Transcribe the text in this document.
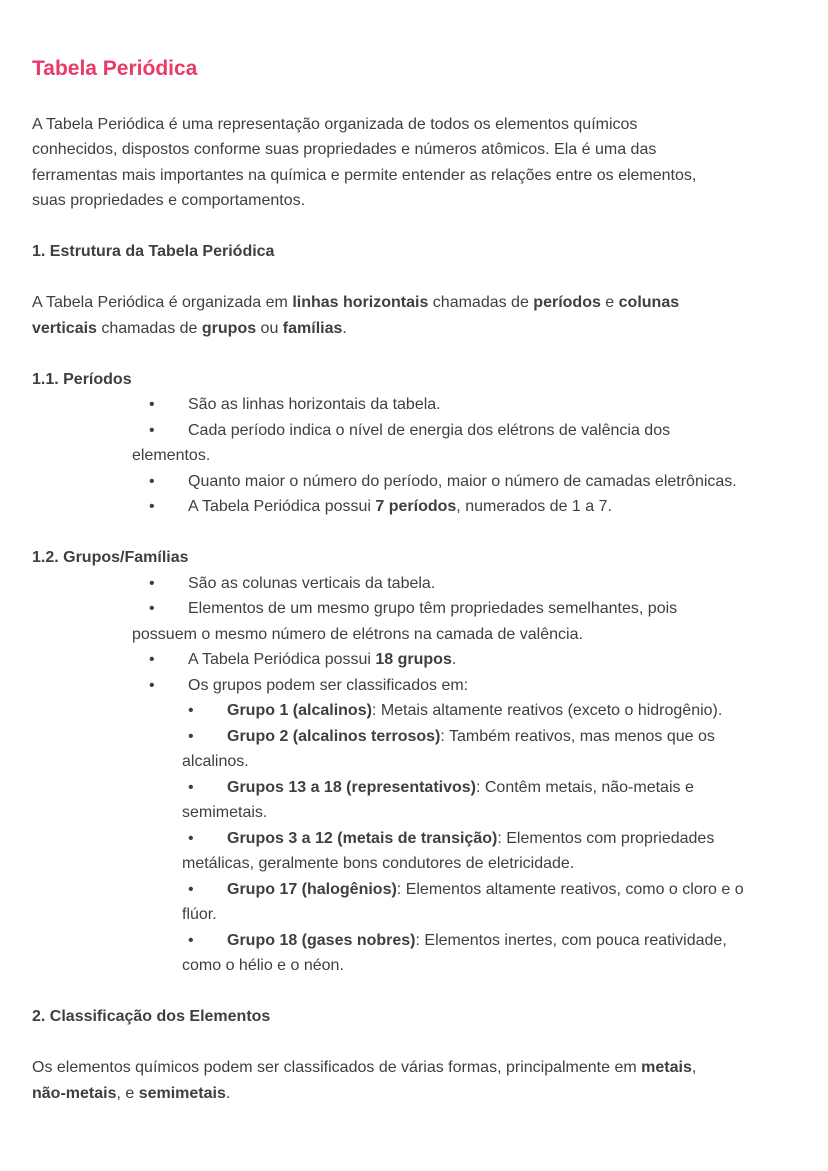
Tabela Periódica
A Tabela Periódica é uma representação organizada de todos os elementos químicos
conhecidos, dispostos conforme suas propriedades e números atômicos. Ela é uma das
ferramentas mais importantes na química e permite entender as relações entre os elementos,
suas propriedades e comportamentos.
1. Estrutura da Tabela Periódica
A Tabela Periódica é organizada em linhas horizontais chamadas de períodos e colunas
verticais chamadas de grupos ou famílias.
1.1. Períodos
• São as linhas horizontais da tabela.
• Cada período indica o nível de energia dos elétrons de valência dos
elementos.
• Quanto maior o número do período, maior o número de camadas eletrônicas.
• A Tabela Periódica possui 7 períodos, numerados de 1 a 7.
1.2. Grupos/Famílias
• São as colunas verticais da tabela.
• Elementos de um mesmo grupo têm propriedades semelhantes, pois
possuem o mesmo número de elétrons na camada de valência.
• A Tabela Periódica possui 18 grupos.
• Os grupos podem ser classificados em:
• Grupo 1 (alcalinos): Metais altamente reativos (exceto o hidrogênio).
• Grupo 2 (alcalinos terrosos): Também reativos, mas menos que os
alcalinos.
• Grupos 13 a 18 (representativos): Contêm metais, não-metais e
semimetais.
• Grupos 3 a 12 (metais de transição): Elementos com propriedades
metálicas, geralmente bons condutores de eletricidade.
• Grupo 17 (halogênios): Elementos altamente reativos, como o cloro e o
flúor.
• Grupo 18 (gases nobres): Elementos inertes, com pouca reatividade,
como o hélio e o néon.
2. Classificação dos Elementos
Os elementos químicos podem ser classificados de várias formas, principalmente em metais,
não-metais, e semimetais.
